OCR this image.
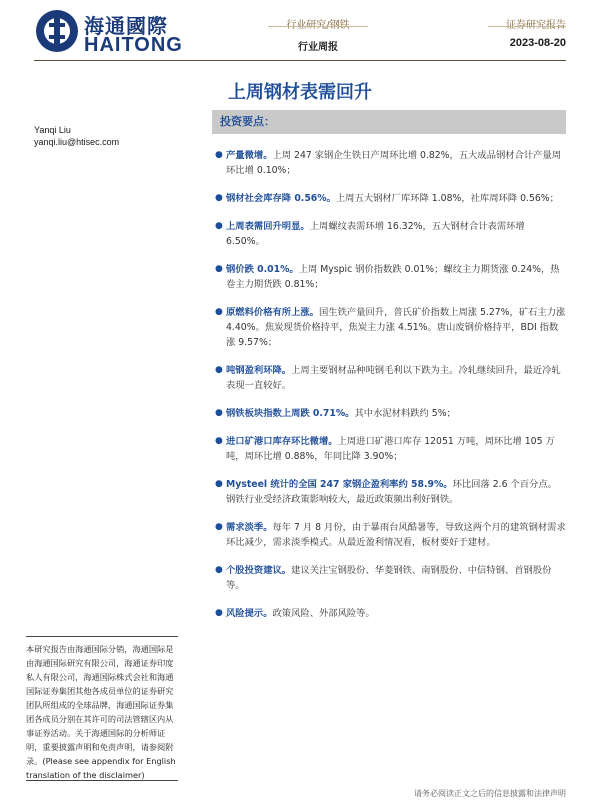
海通國際
HAITONG
行业研究/钢铁
行业周报
证券研究报告
2023-08-20
上周钢材表需回升
Yanqi Liu
yanqi.liu@htisec.com
投资要点：
● 产量微增。上周 247 家钢企生铁日产周环比增 0.82%，五大成品钢材合计产量周环比增 0.10%；
● 钢材社会库存降 0.56%。上周五大钢材厂库环降 1.08%，社库周环降 0.56%；
● 上周表需回升明显。上周螺纹表需环增 16.32%，五大钢材合计表需环增 6.50%。
● 钢价跌 0.01%。上周 Myspic 钢价指数跌 0.01%；螺纹主力期货涨 0.24%，热卷主力期货跌 0.81%；
● 原燃料价格有所上涨。国生铁产量回升，普氏矿价指数上周涨 5.27%，矿石主力涨 4.40%。焦炭现货价格持平，焦炭主力涨 4.51%。唐山废钢价格持平，BDI 指数涨 9.57%；
● 吨钢盈利环降。上周主要钢材品种吨钢毛利以下跌为主。冷轧继续回升，最近冷轧表现一直较好。
● 钢铁板块指数上周跌 0.71%。其中水泥材料跌约 5%；
● 进口矿港口库存环比微增。上周进口矿港口库存 12051 万吨，周环比增 105 万吨，周环比增 0.88%，年同比降 3.90%；
● Mysteel 统计的全国 247 家钢企盈利率约 58.9%。环比回落 2.6 个百分点。钢铁行业受经济政策影响较大，最近政策频出利好钢铁。
● 需求淡季。每年 7 月 8 月份，由于暴雨台风酷暑等，导致这两个月的建筑钢材需求环比减少，需求淡季模式。从最近盈利情况看，板材要好于建材。
● 个股投资建议。建议关注宝钢股份、华菱钢铁、南钢股份、中信特钢、首钢股份等。
● 风险提示。政策风险、外部风险等。
本研究报告由海通国际分销，海通国际是由海通国际研究有限公司，海通证券印度私人有限公司，海通国际株式会社和海通国际证券集团其他各成员单位的证券研究团队所组成的全球品牌，海通国际证券集团各成员分别在其许可的司法管辖区内从事证券活动。关于海通国际的分析师证明，重要披露声明和免责声明，请参阅附录。(Please see appendix for English translation of the disclaimer)
请务必阅读正文之后的信息披露和法律声明
